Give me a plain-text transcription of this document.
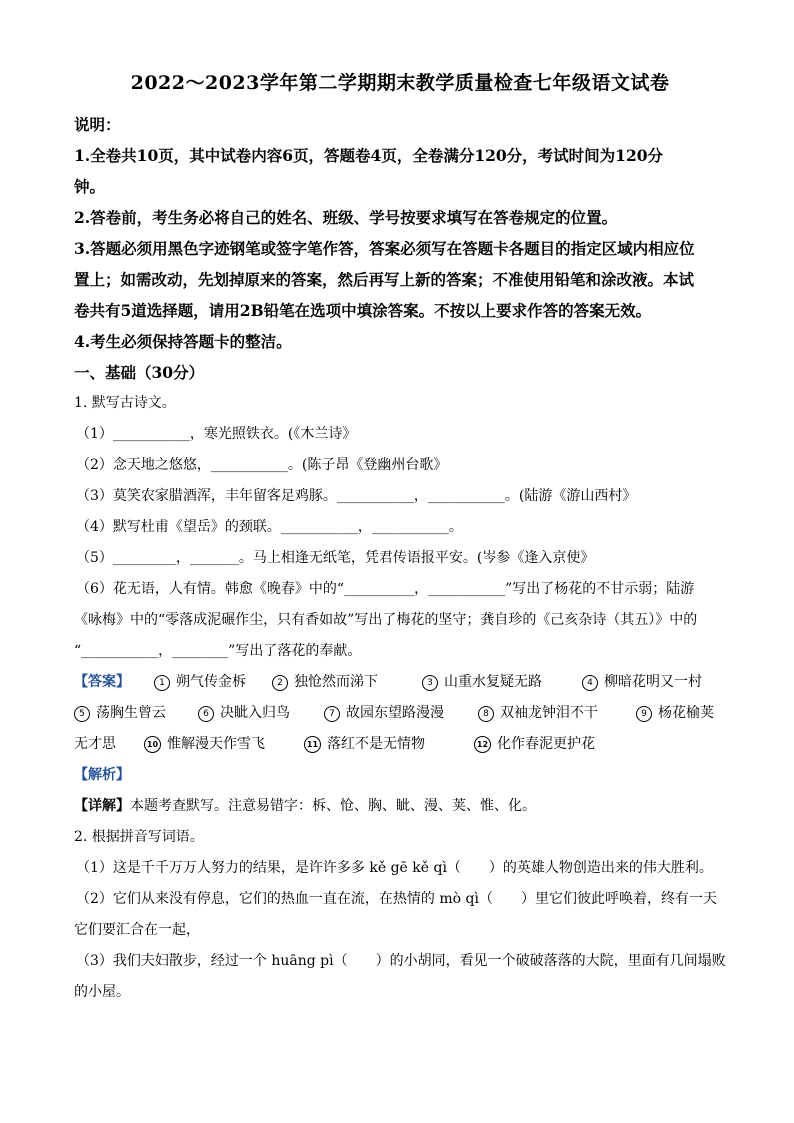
2022～2023学年第二学期期末教学质量检查七年级语文试卷

说明：

1.全卷共10页，其中试卷内容6页，答题卷4页，全卷满分120分，考试时间为120分

钟。

2.答卷前，考生务必将自己的姓名、班级、学号按要求填写在答卷规定的位置。

3.答题必须用黑色字迹钢笔或签字笔作答，答案必须写在答题卡各题目的指定区域内相应位

置上；如需改动，先划掉原来的答案，然后再写上新的答案；不准使用铅笔和涂改液。本试

卷共有5道选择题，请用2B铅笔在选项中填涂答案。不按以上要求作答的答案无效。

4.考生必须保持答题卡的整洁。

一、基础（30分）

1. 默写古诗文。

（1）___________，寒光照铁衣。(《木兰诗》

（2）念天地之悠悠，___________。(陈子昂《登幽州台歌》

（3）莫笑农家腊酒浑，丰年留客足鸡豚。___________，___________。(陆游《游山西村》

（4）默写杜甫《望岳》的颈联。___________，___________。

（5）_________，_______。马上相逢无纸笔，凭君传语报平安。(岑参《逢入京使》

（6）花无语，人有情。韩愈《晚春》中的“__________，___________”写出了杨花的不甘示弱；陆游

《咏梅》中的“零落成泥碾作尘，只有香如故”写出了梅花的坚守；龚自珍的《己亥杂诗（其五）》中的

“___________，________”写出了落花的奉献。

【答案】	1 朔气传金柝	2 独怆然而涕下	3 山重水复疑无路	4 柳暗花明又一村
5 荡胸生曾云	6 决眦入归鸟	7 故园东望路漫漫	8 双袖龙钟泪不干	9 杨花榆荚
无才思	10 惟解漫天作雪飞	11 落红不是无情物	12 化作春泥更护花

【解析】

【详解】本题考查默写。注意易错字：柝、怆、胸、眦、漫、荚、惟、化。

2. 根据拼音写词语。

（1）这是千千万万人努力的结果，是许许多多 kě gē kě qì（　　）的英雄人物创造出来的伟大胜利。

（2）它们从来没有停息，它们的热血一直在流，在热情的 mò qì（　　）里它们彼此呼唤着，终有一天

它们要汇合在一起，

（3）我们夫妇散步，经过一个 huāng pì（　　）的小胡同，看见一个破破落落的大院，里面有几间塌败

的小屋。
